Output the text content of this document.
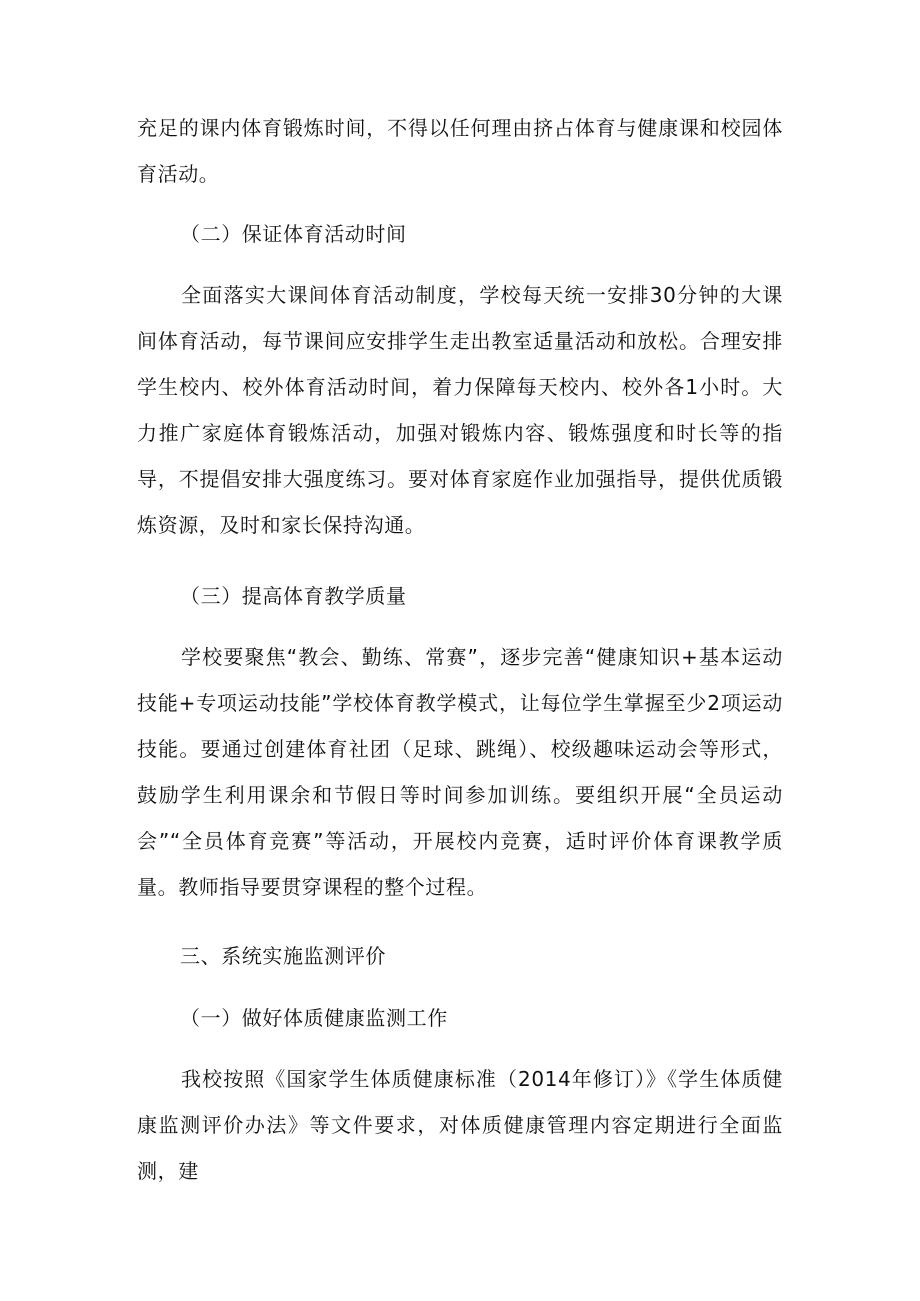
充足的课内体育锻炼时间，不得以任何理由挤占体育与健康课和校园体育活动。

（二）保证体育活动时间

全面落实大课间体育活动制度，学校每天统一安排30分钟的大课间体育活动，每节课间应安排学生走出教室适量活动和放松。合理安排学生校内、校外体育活动时间，着力保障每天校内、校外各1小时。大力推广家庭体育锻炼活动，加强对锻炼内容、锻炼强度和时长等的指导，不提倡安排大强度练习。要对体育家庭作业加强指导，提供优质锻炼资源，及时和家长保持沟通。

（三）提高体育教学质量

学校要聚焦“教会、勤练、常赛”，逐步完善“健康知识+基本运动技能+专项运动技能”学校体育教学模式，让每位学生掌握至少2项运动技能。要通过创建体育社团（足球、跳绳）、校级趣味运动会等形式，鼓励学生利用课余和节假日等时间参加训练。要组织开展“全员运动会”“全员体育竞赛”等活动，开展校内竞赛，适时评价体育课教学质量。教师指导要贯穿课程的整个过程。

三、系统实施监测评价

（一）做好体质健康监测工作

我校按照《国家学生体质健康标准（2014年修订）》《学生体质健康监测评价办法》等文件要求，对体质健康管理内容定期进行全面监测，建
